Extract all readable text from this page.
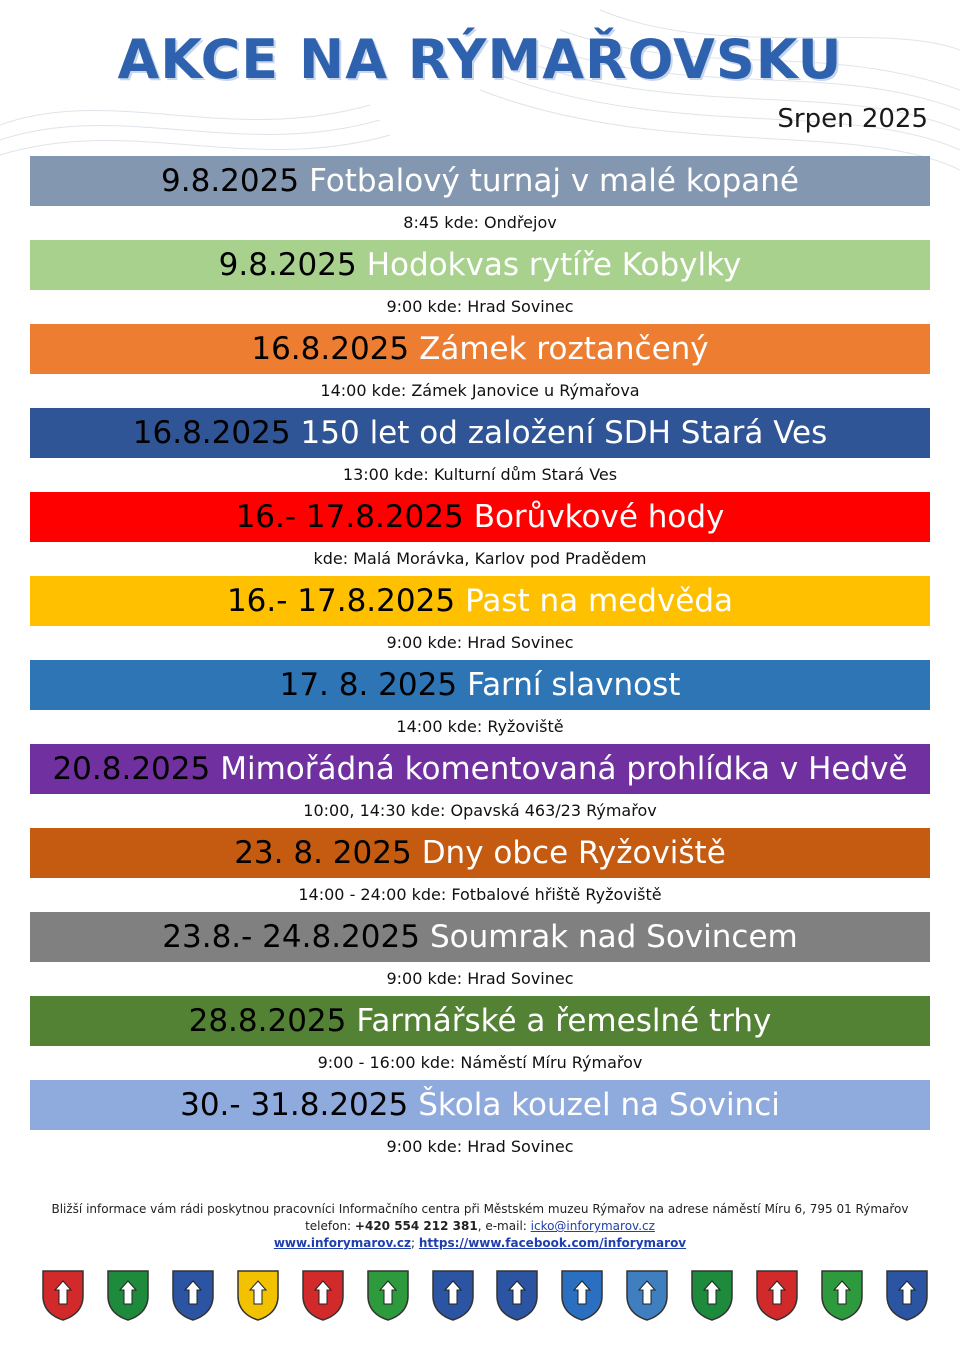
AKCE NA RÝMAŘOVSKU
Srpen 2025
9.8.2025 Fotbalový turnaj v malé kopané
8:45 kde: Ondřejov
9.8.2025 Hodokvas rytíře Kobylky
9:00 kde: Hrad Sovinec
16.8.2025 Zámek roztančený
14:00 kde: Zámek Janovice u Rýmařova
16.8.2025 150 let od založení SDH Stará Ves
13:00 kde: Kulturní dům Stará Ves
16.- 17.8.2025 Borůvkové hody
kde: Malá Morávka, Karlov pod Pradědem
16.- 17.8.2025 Past na medvěda
9:00 kde: Hrad Sovinec
17. 8. 2025 Farní slavnost
14:00 kde: Ryžoviště
20.8.2025 Mimořádná komentovaná prohlídka v Hedvě
10:00, 14:30 kde: Opavská 463/23 Rýmařov
23. 8. 2025 Dny obce Ryžoviště
14:00 - 24:00 kde: Fotbalové hřiště Ryžoviště
23.8.- 24.8.2025 Soumrak nad Sovincem
9:00 kde: Hrad Sovinec
28.8.2025 Farmářské a řemeslné trhy
9:00 - 16:00 kde: Náměstí Míru Rýmařov
30.- 31.8.2025 Škola kouzel na Sovinci
9:00 kde: Hrad Sovinec
Bližší informace vám rádi poskytnou pracovníci Informačního centra při Městském muzeu Rýmařov na adrese náměstí Míru 6, 795 01 Rýmařov
telefon: +420 554 212 381, e-mail: icko@inforymarov.cz
www.inforymarov.cz; https://www.facebook.com/inforymarov
